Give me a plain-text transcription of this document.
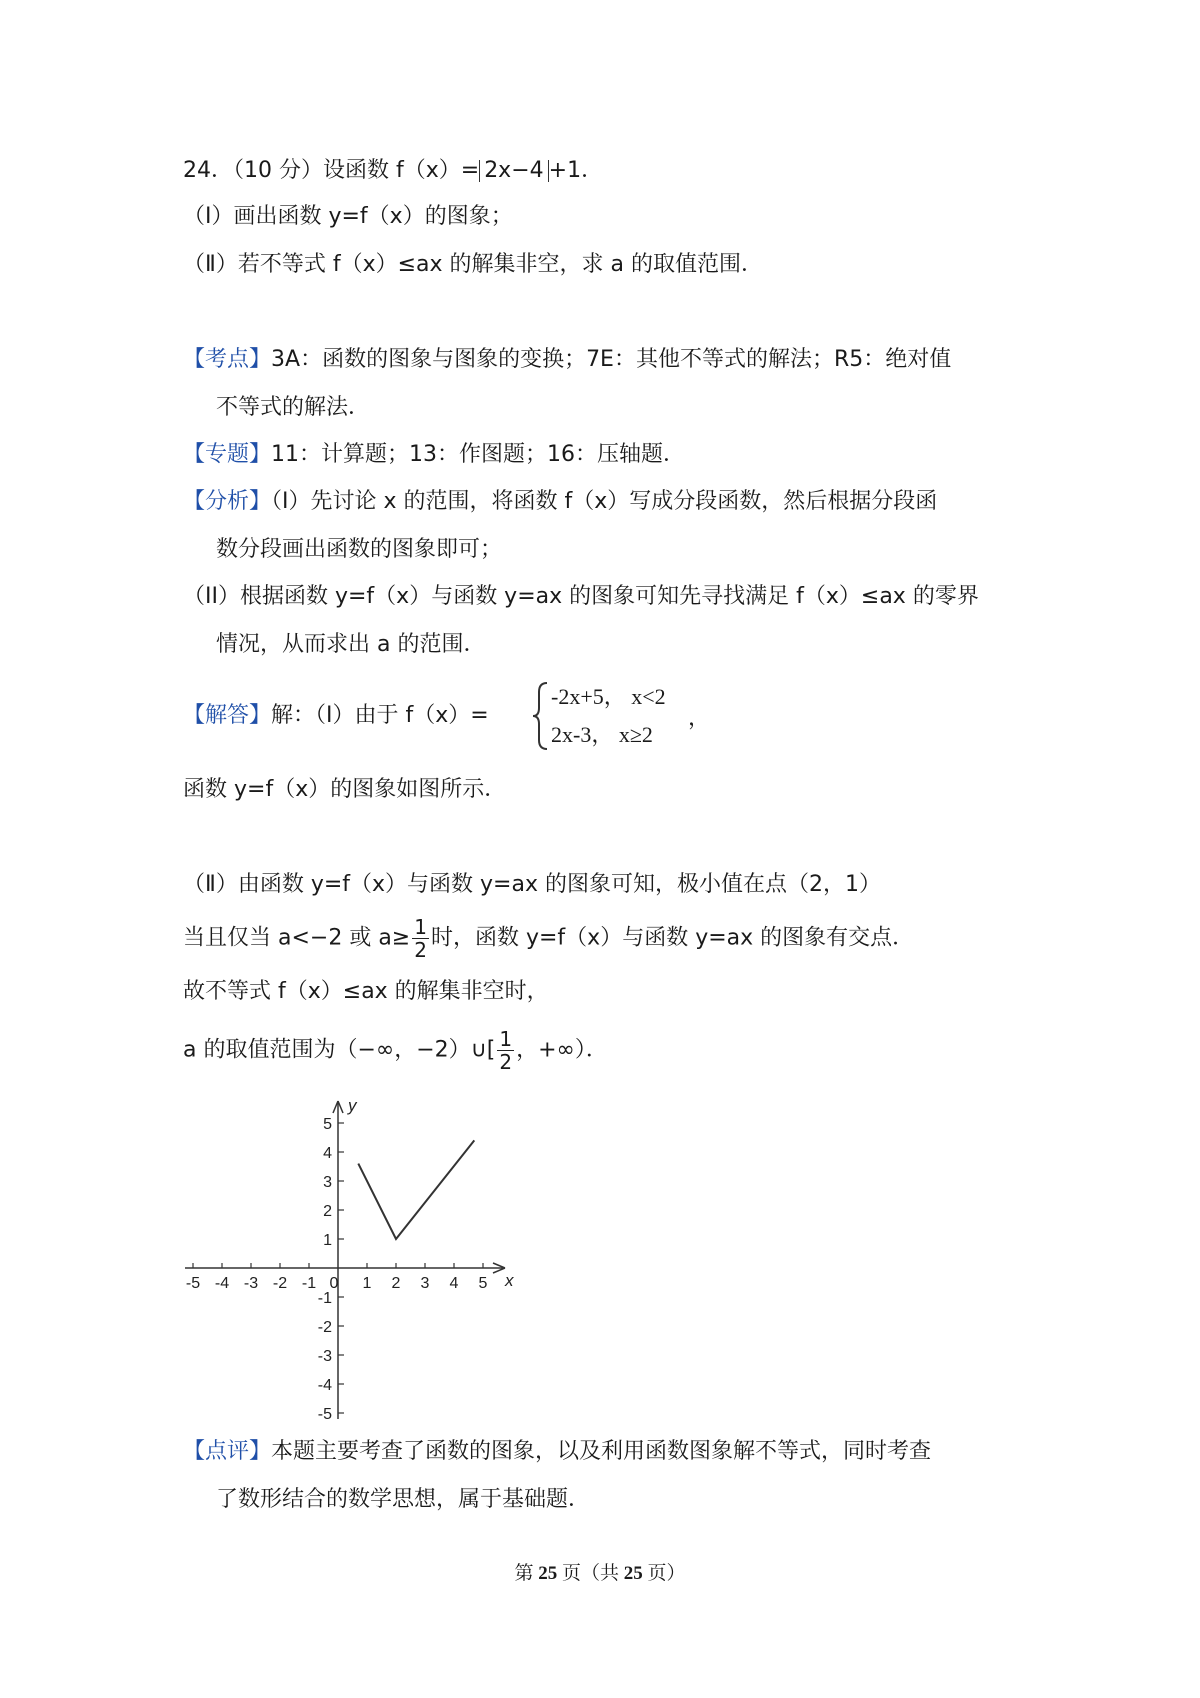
24．（10 分）设函数 f（x）= 2x−4 +1．
（Ⅰ）画出函数 y=f（x）的图象；
（Ⅱ）若不等式 f（x）≤ax 的解集非空，求 a 的取值范围．
【考点】3A：函数的图象与图象的变换；7E：其他不等式的解法；R5：绝对值
不等式的解法．
【专题】11：计算题；13：作图题；16：压轴题．
【分析】（I）先讨论 x 的范围，将函数 f（x）写成分段函数，然后根据分段函
数分段画出函数的图象即可；
（II）根据函数 y=f（x）与函数 y=ax 的图象可知先寻找满足 f（x）≤ax 的零界
情况，从而求出 a 的范围．
【解答】解：（Ⅰ）由于 f（x）=
-2x+5， x<2
2x-3， x≥2
，
函数 y=f（x）的图象如图所示．
（Ⅱ）由函数 y=f（x）与函数 y=ax 的图象可知，极小值在点（2，1）
当且仅当 a<−2 或 $a\ge \frac{1}{2}$ 时，函数 y=f（x）与函数 y=ax 的图象有交点．
故不等式 f（x）≤ax 的解集非空时，
a 的取值范围为（−∞，−2）∪[ $\frac{1}{2}$ ，+∞）．
-5 -4 -3 -2 -1 0 1 2 3 4 5
5
4
3
2
1
-1
-2
-3
-4
-5
x
y
【点评】本题主要考查了函数的图象，以及利用函数图象解不等式，同时考查
了数形结合的数学思想，属于基础题．
第 25 页（共 25 页）
